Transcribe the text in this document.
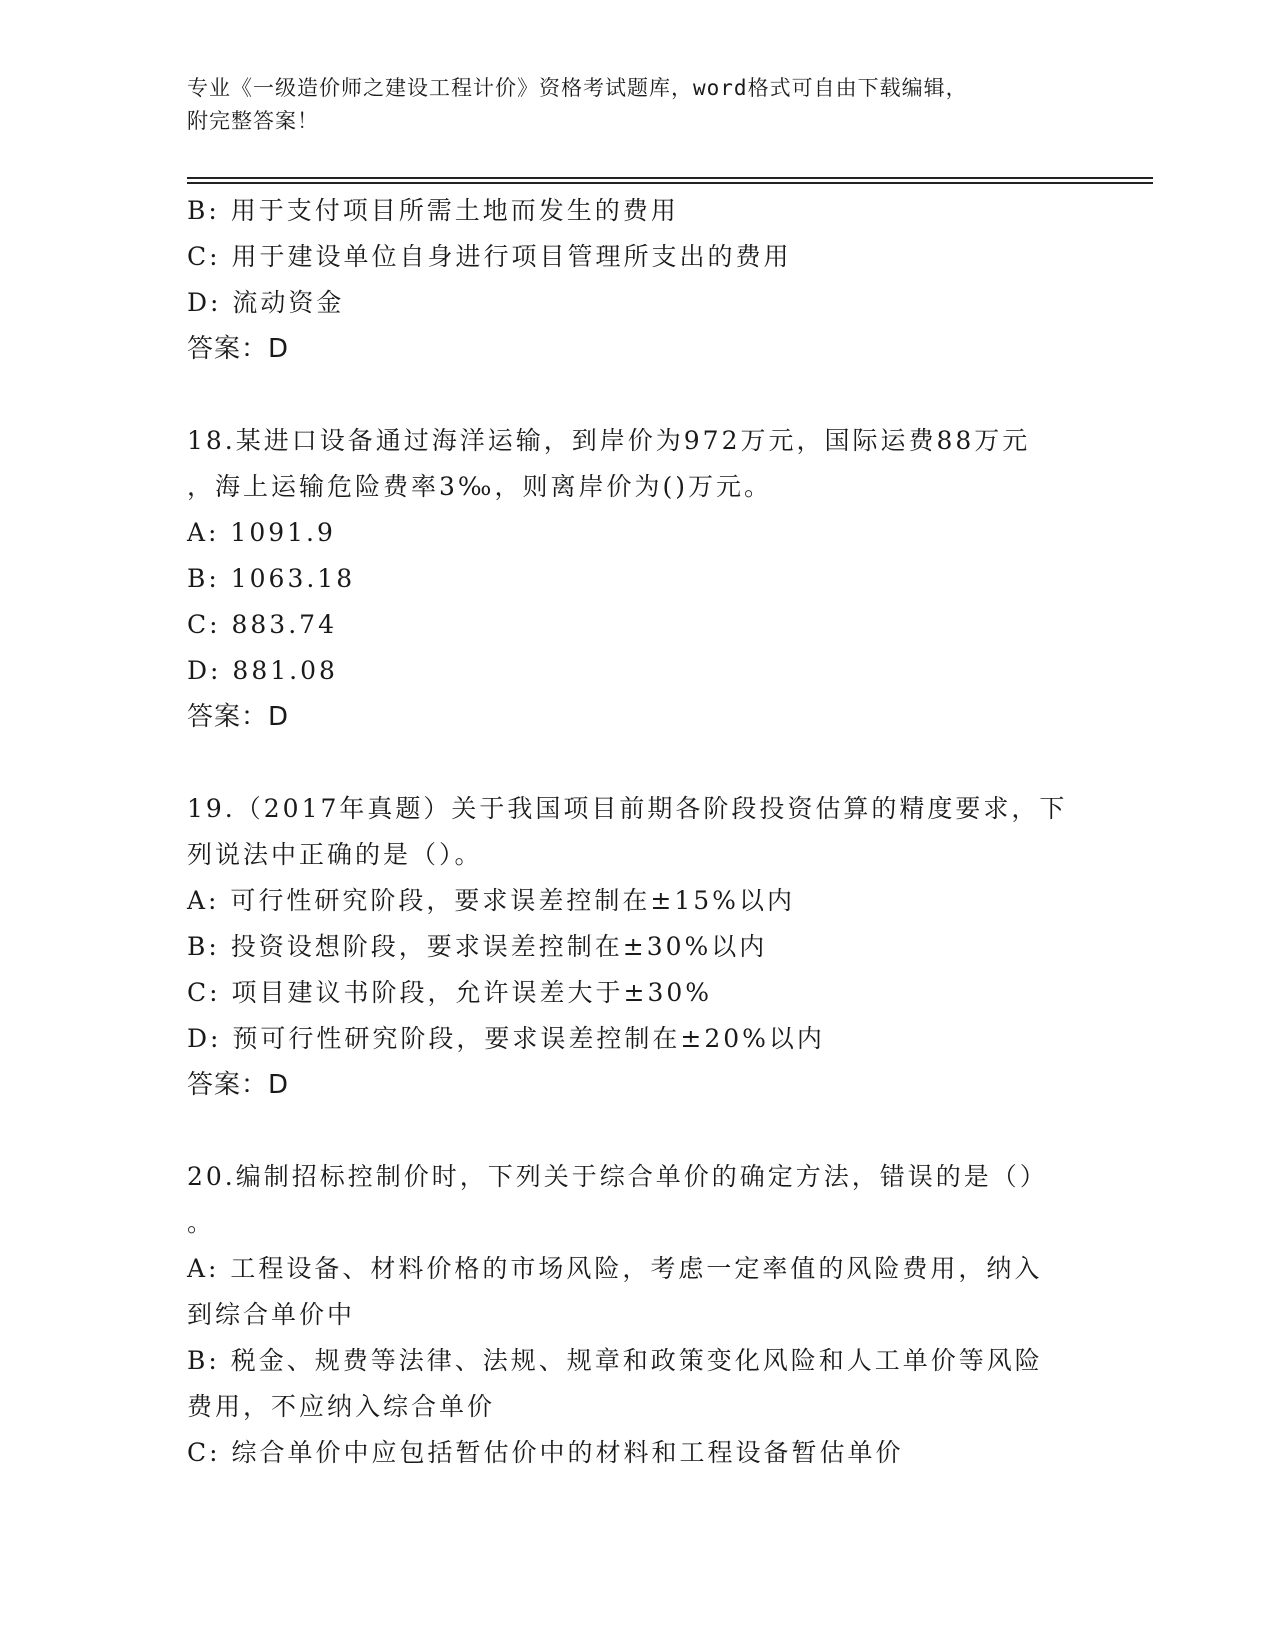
专业《一级造价师之建设工程计价》资格考试题库，word格式可自由下载编辑，
附完整答案！
B: 用于支付项目所需土地而发生的费用
C: 用于建设单位自身进行项目管理所支出的费用
D: 流动资金
答案：D
18.某进口设备通过海洋运输，到岸价为972万元，国际运费88万元
，海上运输危险费率3‰，则离岸价为()万元。
A: 1091.9
B: 1063.18
C: 883.74
D: 881.08
答案：D
19.（2017年真题）关于我国项目前期各阶段投资估算的精度要求，下
列说法中正确的是（）。
A: 可行性研究阶段，要求误差控制在±15%以内
B: 投资设想阶段，要求误差控制在±30%以内
C: 项目建议书阶段，允许误差大于±30%
D: 预可行性研究阶段，要求误差控制在±20%以内
答案：D
20.编制招标控制价时，下列关于综合单价的确定方法，错误的是（）
。
A: 工程设备、材料价格的市场风险，考虑一定率值的风险费用，纳入
到综合单价中
B: 税金、规费等法律、法规、规章和政策变化风险和人工单价等风险
费用，不应纳入综合单价
C: 综合单价中应包括暂估价中的材料和工程设备暂估单价
